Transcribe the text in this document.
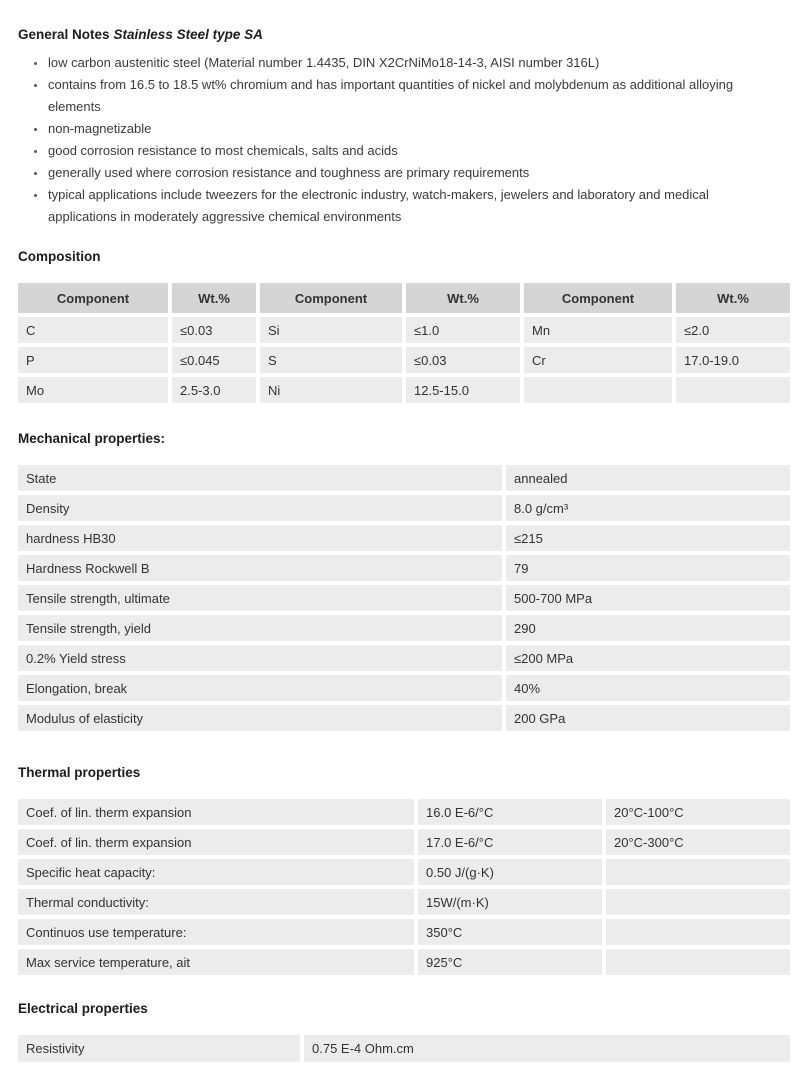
General Notes Stainless Steel type SA
low carbon austenitic steel (Material number 1.4435, DIN X2CrNiMo18-14-3, AISI number 316L)
contains from 16.5 to 18.5 wt% chromium and has important quantities of nickel and molybdenum as additional alloying elements
non-magnetizable
good corrosion resistance to most chemicals, salts and acids
generally used where corrosion resistance and toughness are primary requirements
typical applications include tweezers for the electronic industry, watch-makers, jewelers and laboratory and medical applications in moderately aggressive chemical environments
Composition
Component	Wt.%	Component	Wt.%	Component	Wt.%
C	≤0.03	Si	≤1.0	Mn	≤2.0
P	≤0.045	S	≤0.03	Cr	17.0-19.0
Mo	2.5-3.0	Ni	12.5-15.0
Mechanical properties:
State	annealed
Density	8.0 g/cm³
hardness HB30	≤215
Hardness Rockwell B	79
Tensile strength, ultimate	500-700 MPa
Tensile strength, yield	290
0.2% Yield stress	≤200 MPa
Elongation, break	40%
Modulus of elasticity	200 GPa
Thermal properties
Coef. of lin. therm expansion	16.0 E-6/°C	20°C-100°C
Coef. of lin. therm expansion	17.0 E-6/°C	20°C-300°C
Specific heat capacity:	0.50 J/(g·K)
Thermal conductivity:	15W/(m·K)
Continuos use temperature:	350°C
Max service temperature, ait	925°C
Electrical properties
Resistivity	0.75 E-4 Ohm.cm
